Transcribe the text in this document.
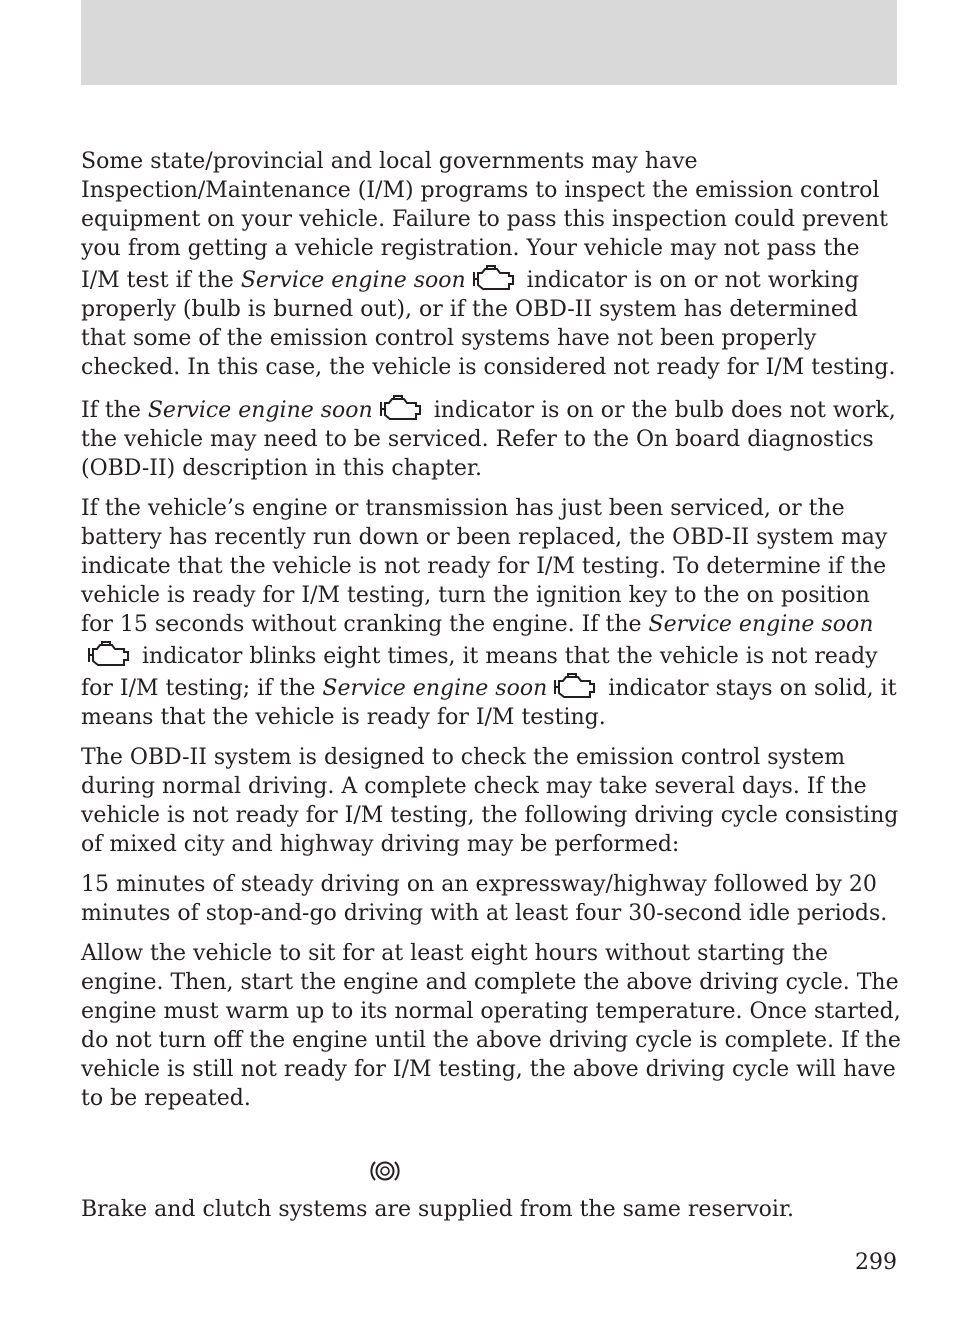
Some state/provincial and local governments may have Inspection/Maintenance (I/M) programs to inspect the emission control equipment on your vehicle. Failure to pass this inspection could prevent you from getting a vehicle registration. Your vehicle may not pass the I/M test if the Service engine soon
indicator is on or not working properly (bulb is burned out), or if the OBD-II system has determined that some of the emission control systems have not been properly checked. In this case, the vehicle is considered not ready for I/M testing.

If the Service engine soon
indicator is on or the bulb does not work, the vehicle may need to be serviced. Refer to the On board diagnostics (OBD-II) description in this chapter.

If the vehicle’s engine or transmission has just been serviced, or the battery has recently run down or been replaced, the OBD-II system may indicate that the vehicle is not ready for I/M testing. To determine if the vehicle is ready for I/M testing, turn the ignition key to the on position for 15 seconds without cranking the engine. If the Service engine soon
indicator blinks eight times, it means that the vehicle is not ready for I/M testing; if the Service engine soon
indicator stays on solid, it means that the vehicle is ready for I/M testing.

The OBD-II system is designed to check the emission control system during normal driving. A complete check may take several days. If the vehicle is not ready for I/M testing, the following driving cycle consisting of mixed city and highway driving may be performed:

15 minutes of steady driving on an expressway/highway followed by 20 minutes of stop-and-go driving with at least four 30-second idle periods.

Allow the vehicle to sit for at least eight hours without starting the engine. Then, start the engine and complete the above driving cycle. The engine must warm up to its normal operating temperature. Once started, do not turn off the engine until the above driving cycle is complete. If the vehicle is still not ready for I/M testing, the above driving cycle will have to be repeated.

Brake and clutch systems are supplied from the same reservoir.

299
